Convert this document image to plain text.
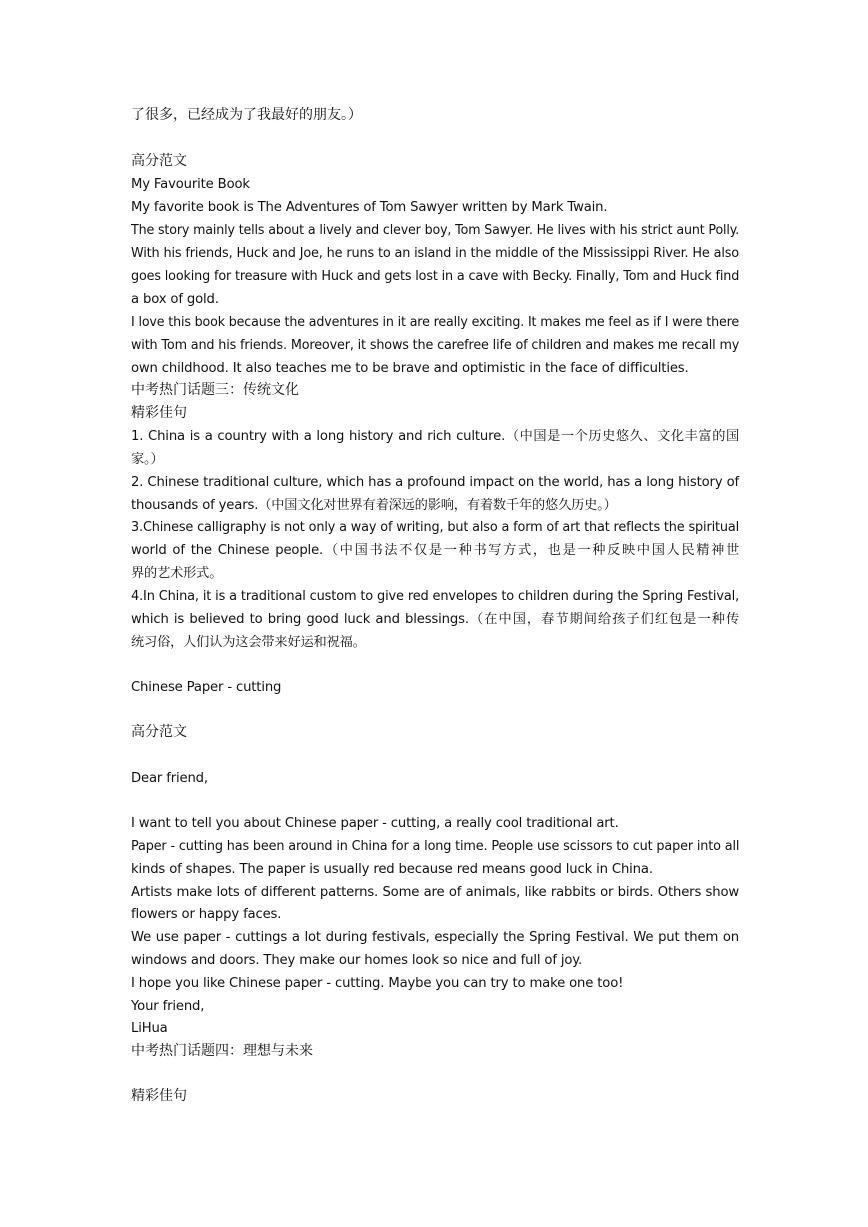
了很多，已经成为了我最好的朋友。）

高分范文

My Favourite Book

My favorite book is The Adventures of Tom Sawyer written by Mark Twain.

The story mainly tells about a lively and clever boy, Tom Sawyer. He lives with his strict aunt Polly.

With his friends, Huck and Joe, he runs to an island in the middle of the Mississippi River. He also

goes looking for treasure with Huck and gets lost in a cave with Becky. Finally, Tom and Huck find

a box of gold.

I love this book because the adventures in it are really exciting. It makes me feel as if I were there

with Tom and his friends. Moreover, it shows the carefree life of children and makes me recall my

own childhood. It also teaches me to be brave and optimistic in the face of difficulties.

中考热门话题三：传统文化

精彩佳句

1. China is a country with a long history and rich culture.（中国是一个历史悠久、文化丰富的国

家。）

2. Chinese traditional culture, which has a profound impact on the world, has a long history of

thousands of years.（中国文化对世界有着深远的影响，有着数千年的悠久历史。）

3.Chinese calligraphy is not only a way of writing, but also a form of art that reflects the spiritual

world of the Chinese people.（中国书法不仅是一种书写方式，也是一种反映中国人民精神世

界的艺术形式。

4.In China, it is a traditional custom to give red envelopes to children during the Spring Festival,

which is believed to bring good luck and blessings.（在中国，春节期间给孩子们红包是一种传

统习俗，人们认为这会带来好运和祝福。

Chinese Paper - cutting

高分范文

Dear friend,

I want to tell you about Chinese paper - cutting, a really cool traditional art.

Paper - cutting has been around in China for a long time. People use scissors to cut paper into all

kinds of shapes. The paper is usually red because red means good luck in China.

Artists make lots of different patterns. Some are of animals, like rabbits or birds. Others show

flowers or happy faces.

We use paper - cuttings a lot during festivals, especially the Spring Festival. We put them on

windows and doors. They make our homes look so nice and full of joy.

I hope you like Chinese paper - cutting. Maybe you can try to make one too!

Your friend,

LiHua

中考热门话题四：理想与未来

精彩佳句
